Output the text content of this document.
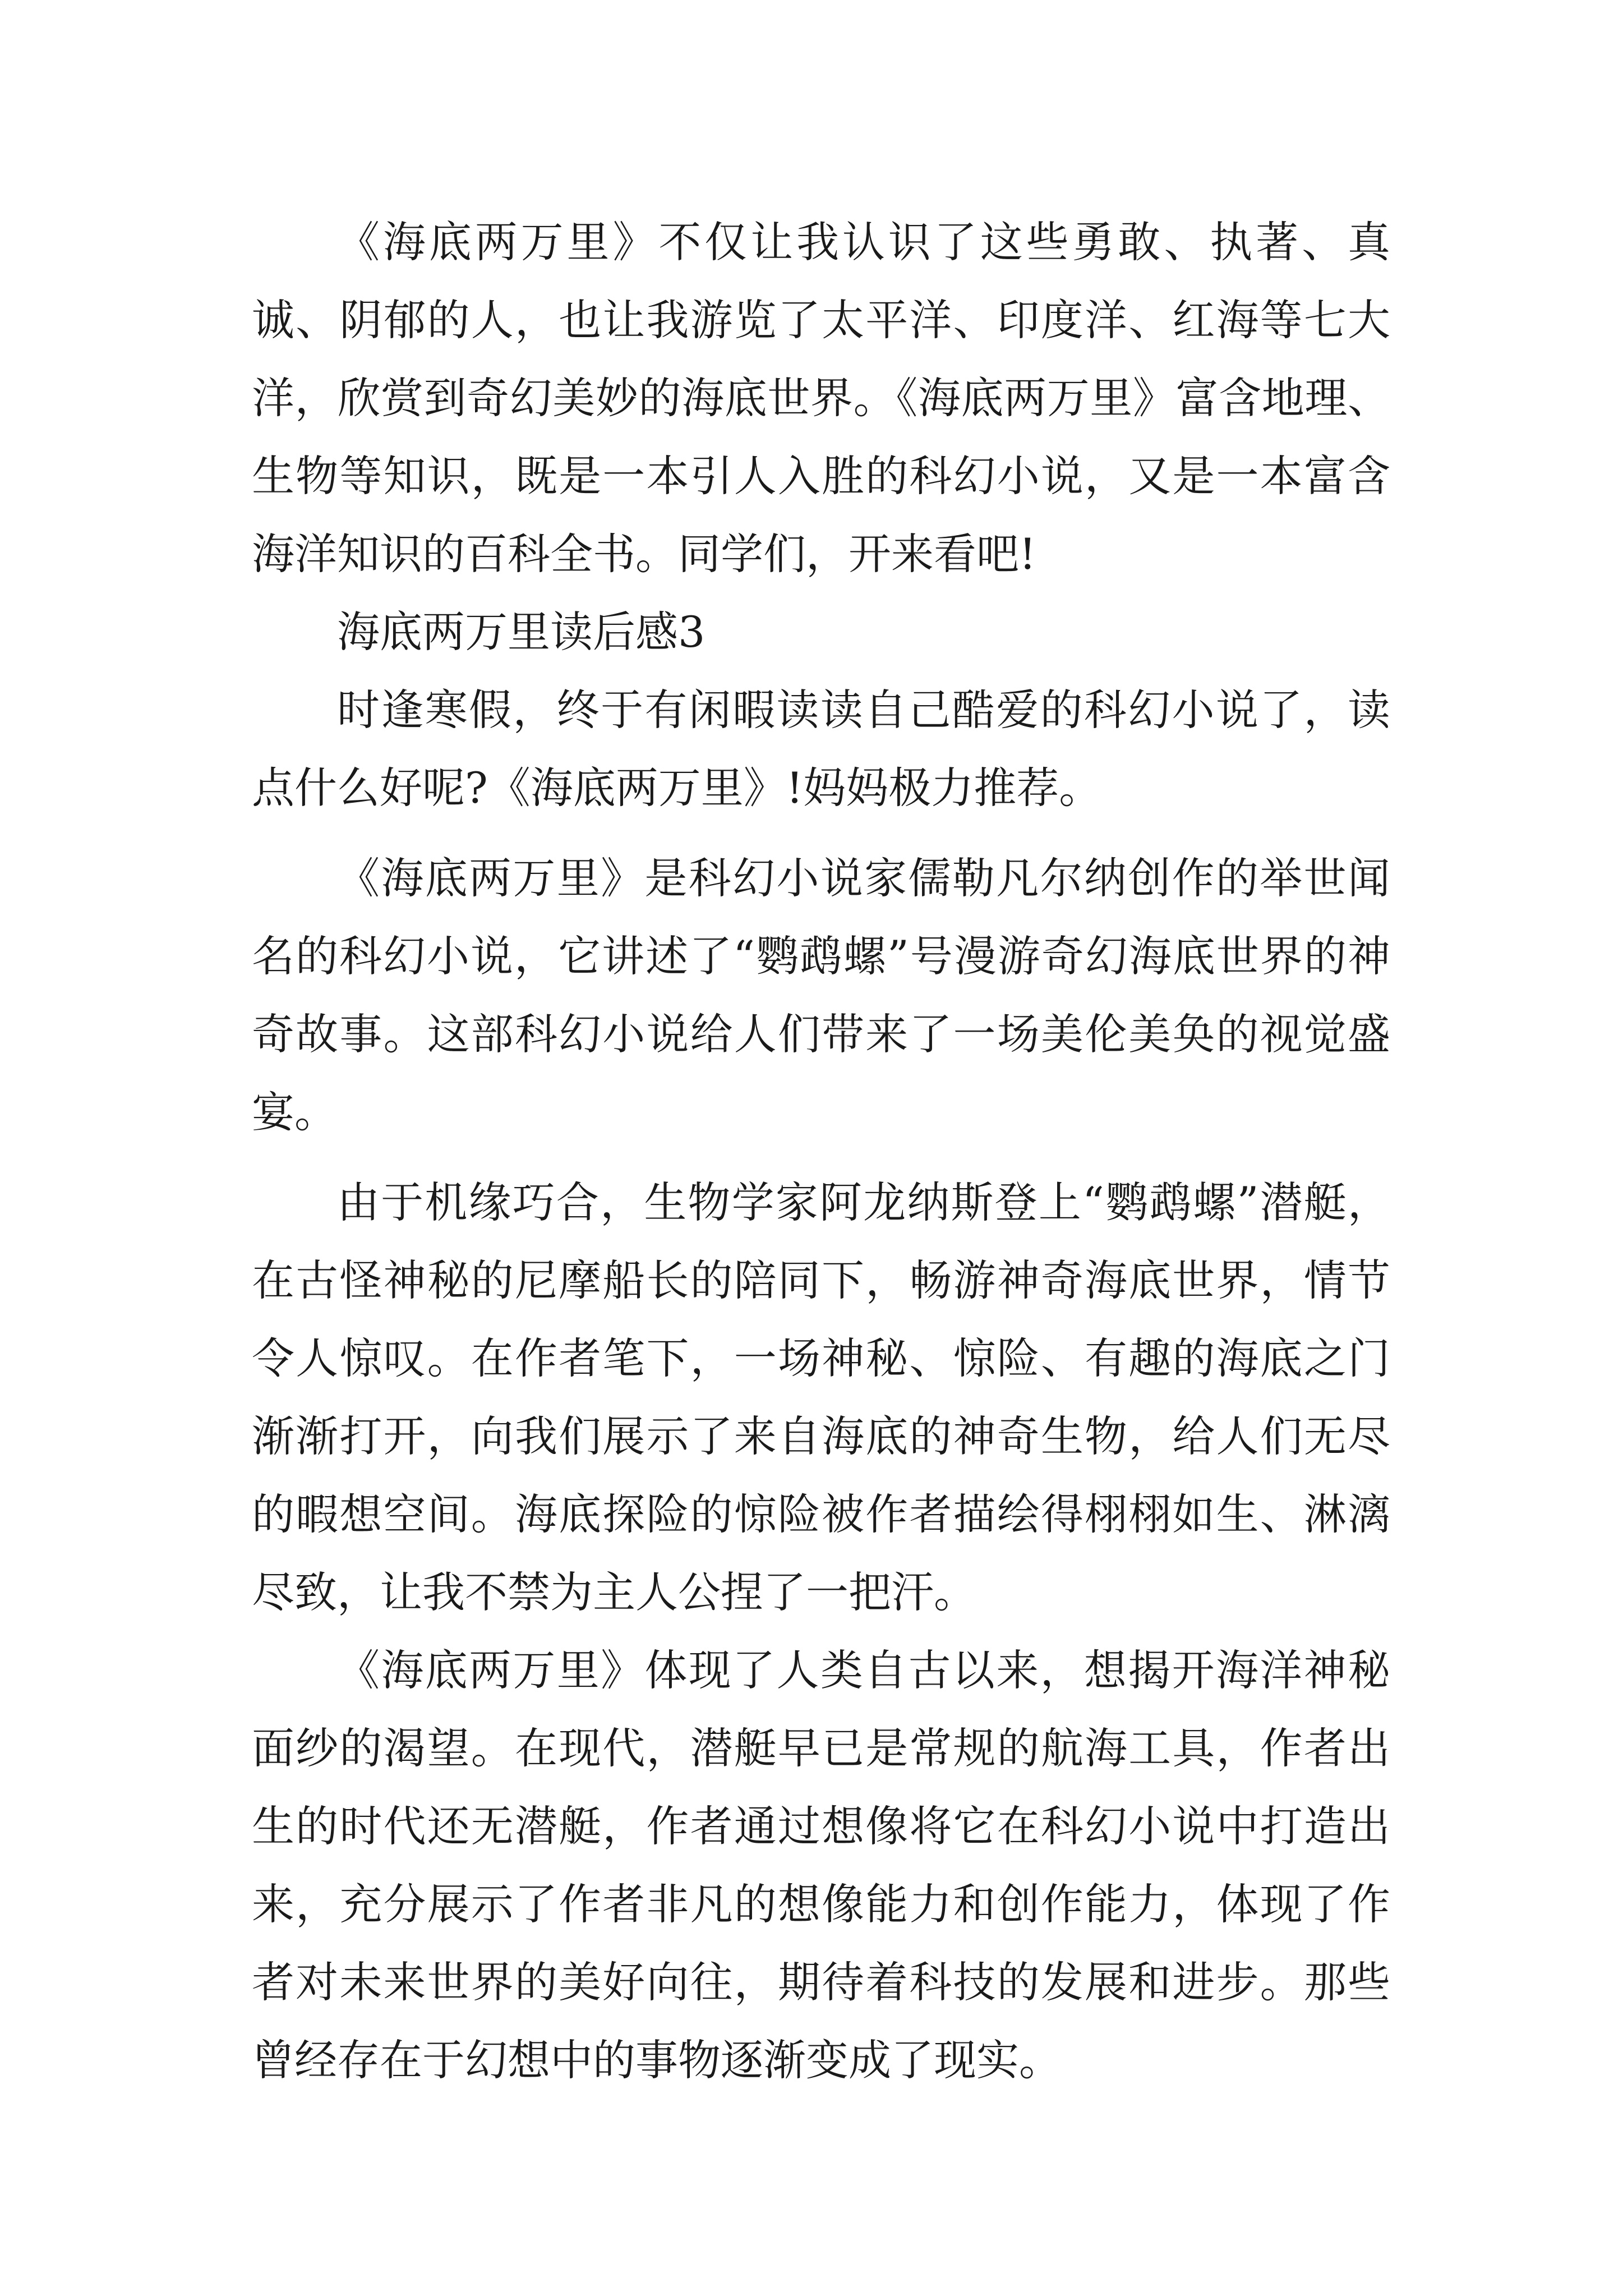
《海底两万里》不仅让我认识了这些勇敢、执著、真诚、阴郁的人，也让我游览了太平洋、印度洋、红海等七大洋，欣赏到奇幻美妙的海底世界。《海底两万里》富含地理、生物等知识，既是一本引人入胜的科幻小说，又是一本富含海洋知识的百科全书。同学们，开来看吧!

海底两万里读后感3

时逢寒假，终于有闲暇读读自己酷爱的科幻小说了，读点什么好呢?《海底两万里》!妈妈极力推荐。

《海底两万里》是科幻小说家儒勒凡尔纳创作的举世闻名的科幻小说，它讲述了“鹦鹉螺”号漫游奇幻海底世界的神奇故事。这部科幻小说给人们带来了一场美伦美奂的视觉盛宴。

由于机缘巧合，生物学家阿龙纳斯登上“鹦鹉螺”潜艇，在古怪神秘的尼摩船长的陪同下，畅游神奇海底世界，情节令人惊叹。在作者笔下，一场神秘、惊险、有趣的海底之门渐渐打开，向我们展示了来自海底的神奇生物，给人们无尽的暇想空间。海底探险的惊险被作者描绘得栩栩如生、淋漓尽致，让我不禁为主人公捏了一把汗。

《海底两万里》体现了人类自古以来，想揭开海洋神秘面纱的渴望。在现代，潜艇早已是常规的航海工具，作者出生的时代还无潜艇，作者通过想像将它在科幻小说中打造出来，充分展示了作者非凡的想像能力和创作能力，体现了作者对未来世界的美好向往，期待着科技的发展和进步。那些曾经存在于幻想中的事物逐渐变成了现实。
